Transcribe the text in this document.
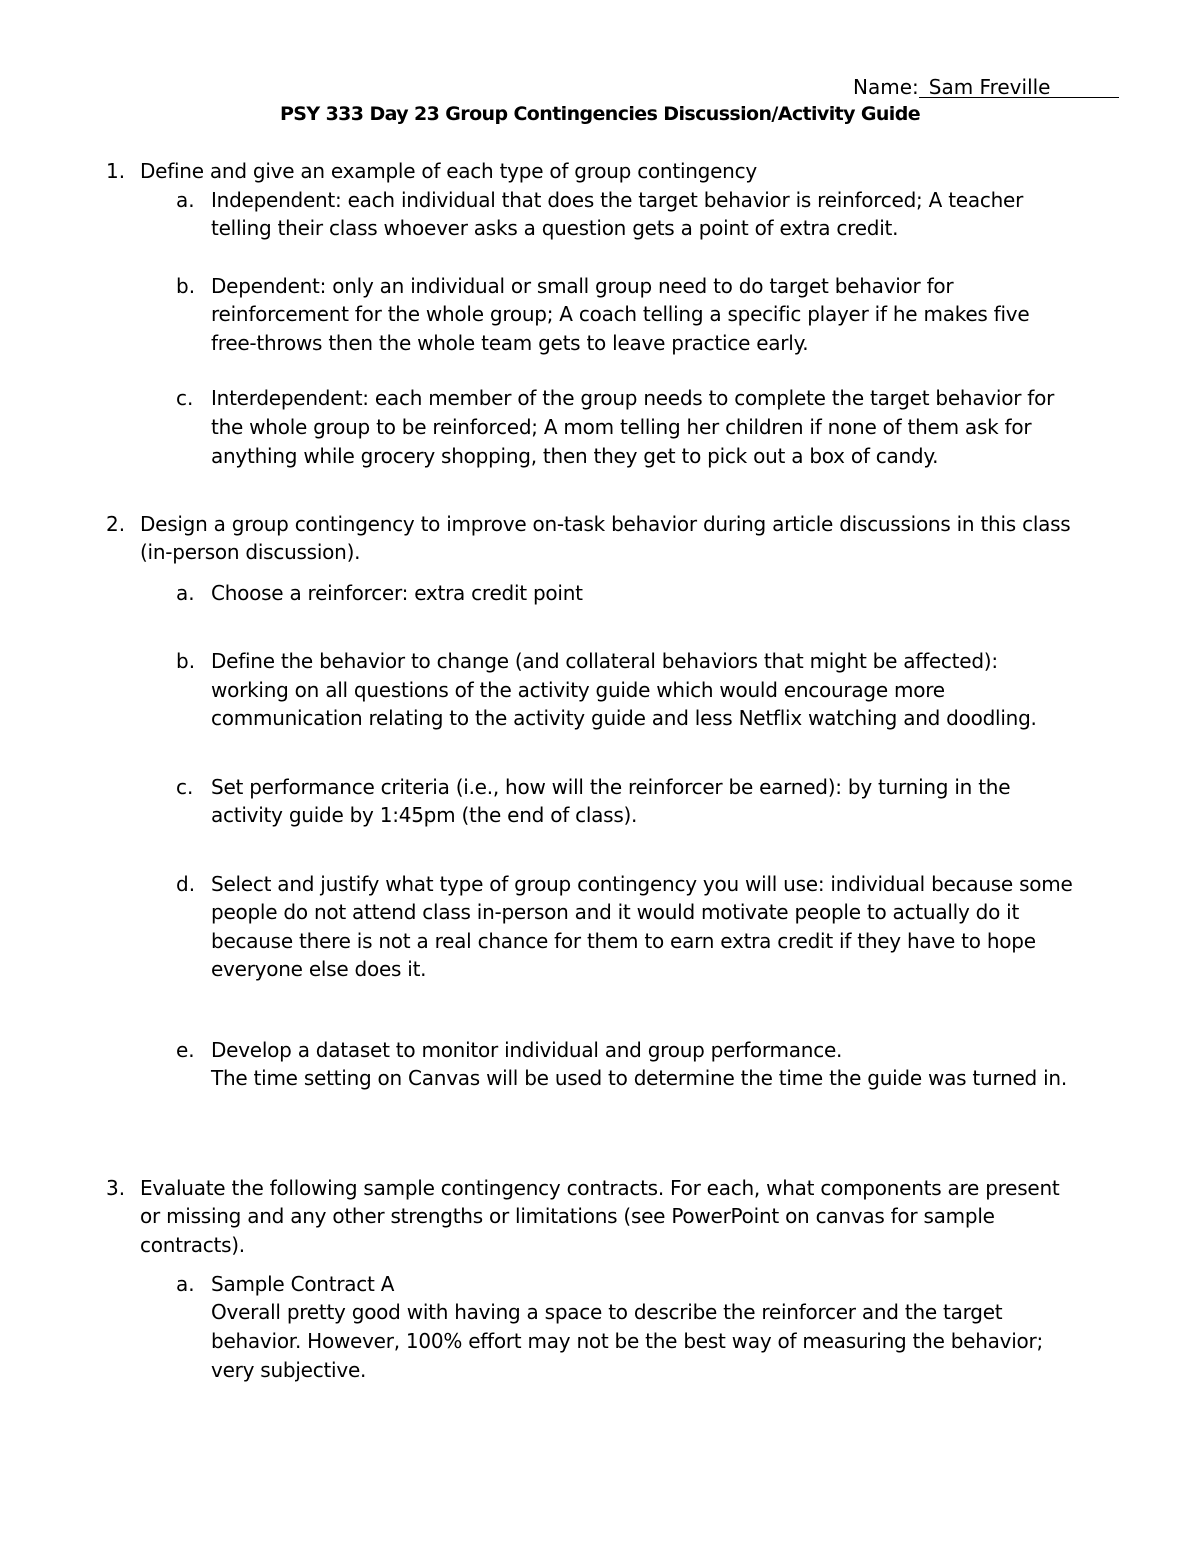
Name: Sam Freville
PSY 333 Day 23 Group Contingencies Discussion/Activity Guide
1. Define and give an example of each type of group contingency
a. Independent: each individual that does the target behavior is reinforced; A teacher
telling their class whoever asks a question gets a point of extra credit.
b. Dependent: only an individual or small group need to do target behavior for
reinforcement for the whole group; A coach telling a specific player if he makes five
free-throws then the whole team gets to leave practice early.
c. Interdependent: each member of the group needs to complete the target behavior for
the whole group to be reinforced; A mom telling her children if none of them ask for
anything while grocery shopping, then they get to pick out a box of candy.
2. Design a group contingency to improve on-task behavior during article discussions in this class
(in-person discussion).
a. Choose a reinforcer: extra credit point
b. Define the behavior to change (and collateral behaviors that might be affected):
working on all questions of the activity guide which would encourage more
communication relating to the activity guide and less Netflix watching and doodling.
c. Set performance criteria (i.e., how will the reinforcer be earned): by turning in the
activity guide by 1:45pm (the end of class).
d. Select and justify what type of group contingency you will use: individual because some
people do not attend class in-person and it would motivate people to actually do it
because there is not a real chance for them to earn extra credit if they have to hope
everyone else does it.
e. Develop a dataset to monitor individual and group performance.
The time setting on Canvas will be used to determine the time the guide was turned in.
3. Evaluate the following sample contingency contracts. For each, what components are present
or missing and any other strengths or limitations (see PowerPoint on canvas for sample
contracts).
a. Sample Contract A
Overall pretty good with having a space to describe the reinforcer and the target
behavior. However, 100% effort may not be the best way of measuring the behavior;
very subjective.
